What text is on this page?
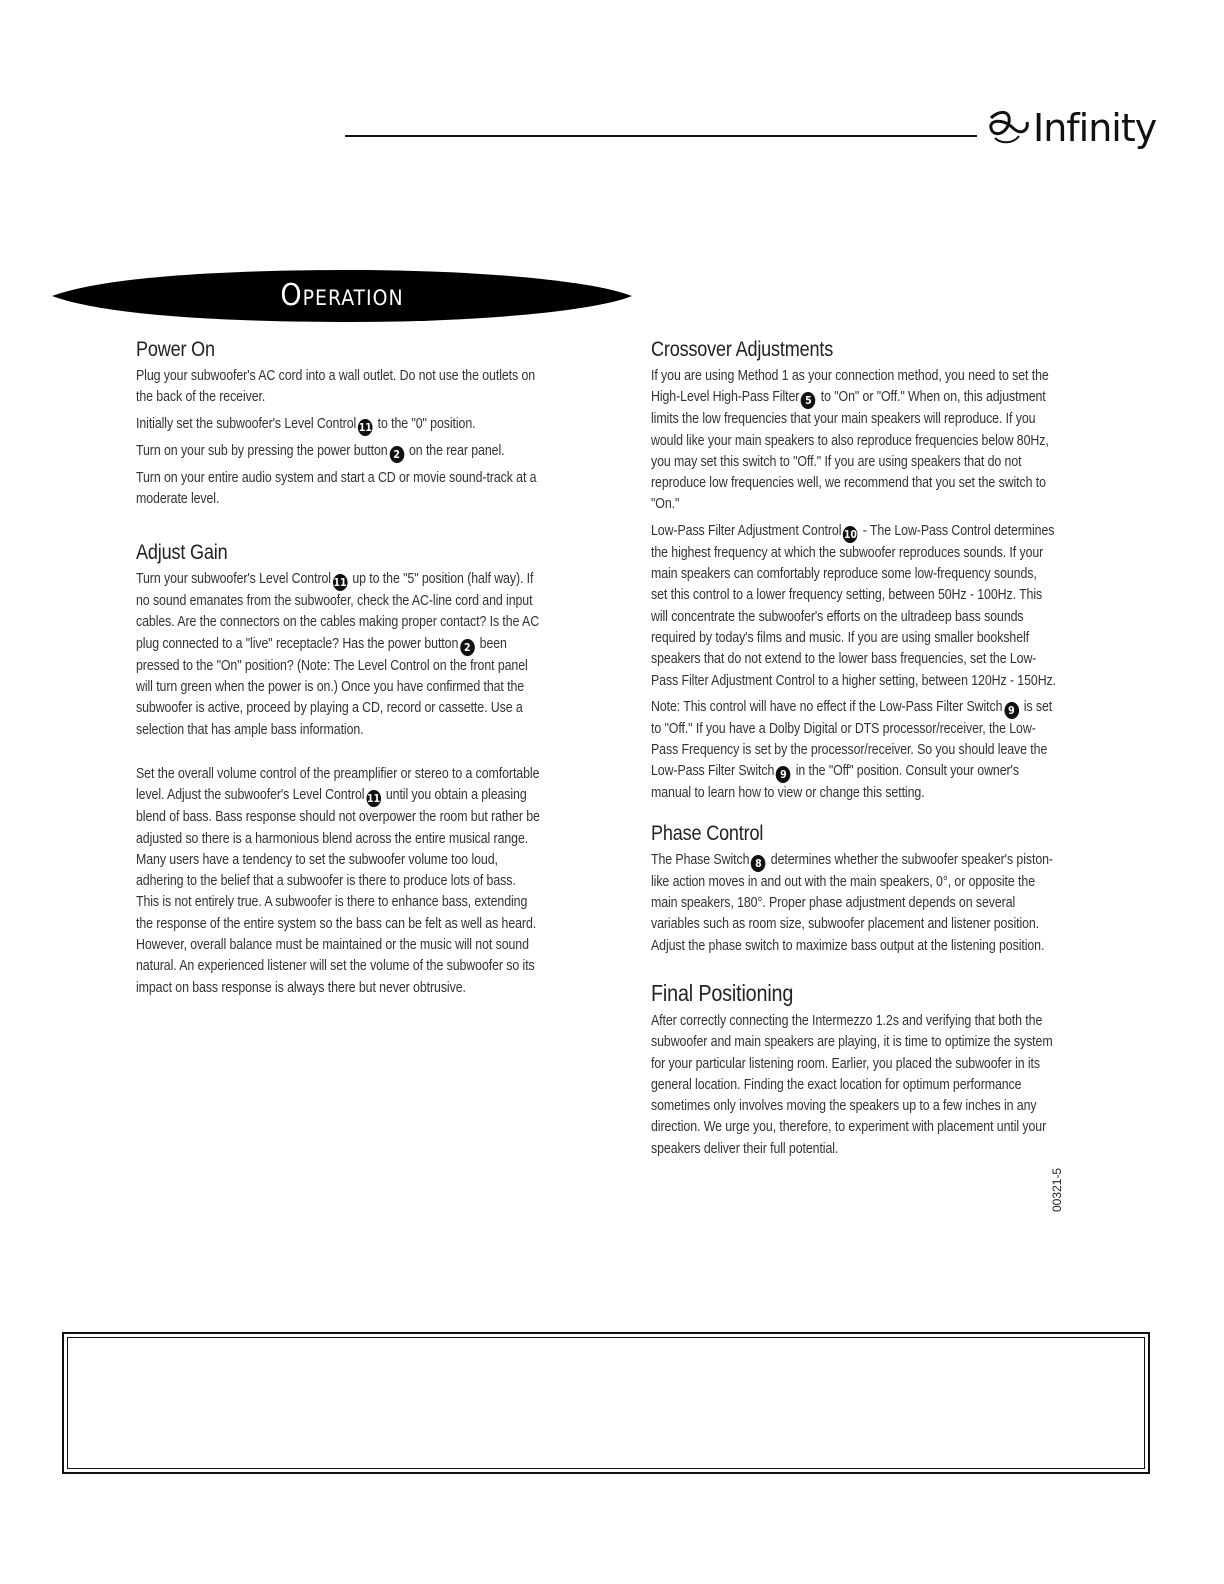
Infinity
Operation
Power On

Plug your subwoofer's AC cord into a wall outlet. Do not use the outlets on the back of the receiver.

Initially set the subwoofer's Level Control 11 to the "0" position.

Turn on your sub by pressing the power button 2 on the rear panel.

Turn on your entire audio system and start a CD or movie sound-track at a moderate level.

Adjust Gain

Turn your subwoofer's Level Control 11 up to the "5" position (half way). If no sound emanates from the subwoofer, check the AC-line cord and input cables. Are the connectors on the cables making proper contact? Is the AC plug connected to a "live" receptacle? Has the power button 2 been pressed to the "On" position? (Note: The Level Control on the front panel will turn green when the power is on.) Once you have confirmed that the subwoofer is active, proceed by playing a CD, record or cassette. Use a selection that has ample bass information.

Set the overall volume control of the preamplifier or stereo to a comfortable level. Adjust the subwoofer's Level Control 11 until you obtain a pleasing blend of bass. Bass response should not overpower the room but rather be adjusted so there is a harmonious blend across the entire musical range. Many users have a tendency to set the subwoofer volume too loud, adhering to the belief that a subwoofer is there to produce lots of bass. This is not entirely true. A subwoofer is there to enhance bass, extending the response of the entire system so the bass can be felt as well as heard. However, overall balance must be maintained or the music will not sound natural. An experienced listener will set the volume of the subwoofer so its impact on bass response is always there but never obtrusive.

Crossover Adjustments

If you are using Method 1 as your connection method, you need to set the High-Level High-Pass Filter 5 to "On" or "Off." When on, this adjustment limits the low frequencies that your main speakers will reproduce. If you would like your main speakers to also reproduce frequencies below 80Hz, you may set this switch to "Off." If you are using speakers that do not reproduce low frequencies well, we recommend that you set the switch to "On."

Low-Pass Filter Adjustment Control 10 - The Low-Pass Control determines the highest frequency at which the subwoofer reproduces sounds. If your main speakers can comfortably reproduce some low-frequency sounds, set this control to a lower frequency setting, between 50Hz - 100Hz. This will concentrate the subwoofer's efforts on the ultradeep bass sounds required by today's films and music. If you are using smaller bookshelf speakers that do not extend to the lower bass frequencies, set the Low-Pass Filter Adjustment Control to a higher setting, between 120Hz - 150Hz.

Note: This control will have no effect if the Low-Pass Filter Switch 9 is set to "Off." If you have a Dolby Digital or DTS processor/receiver, the Low-Pass Frequency is set by the processor/receiver. So you should leave the Low-Pass Filter Switch 9 in the "Off" position. Consult your owner's manual to learn how to view or change this setting.

Phase Control

The Phase Switch 8 determines whether the subwoofer speaker's piston-like action moves in and out with the main speakers, 0°, or opposite the main speakers, 180°. Proper phase adjustment depends on several variables such as room size, subwoofer placement and listener position. Adjust the phase switch to maximize bass output at the listening position.

Final Positioning

After correctly connecting the Intermezzo 1.2s and verifying that both the subwoofer and main speakers are playing, it is time to optimize the system for your particular listening room. Earlier, you placed the subwoofer in its general location. Finding the exact location for optimum performance sometimes only involves moving the speakers up to a few inches in any direction. We urge you, therefore, to experiment with placement until your speakers deliver their full potential.

00321-5
